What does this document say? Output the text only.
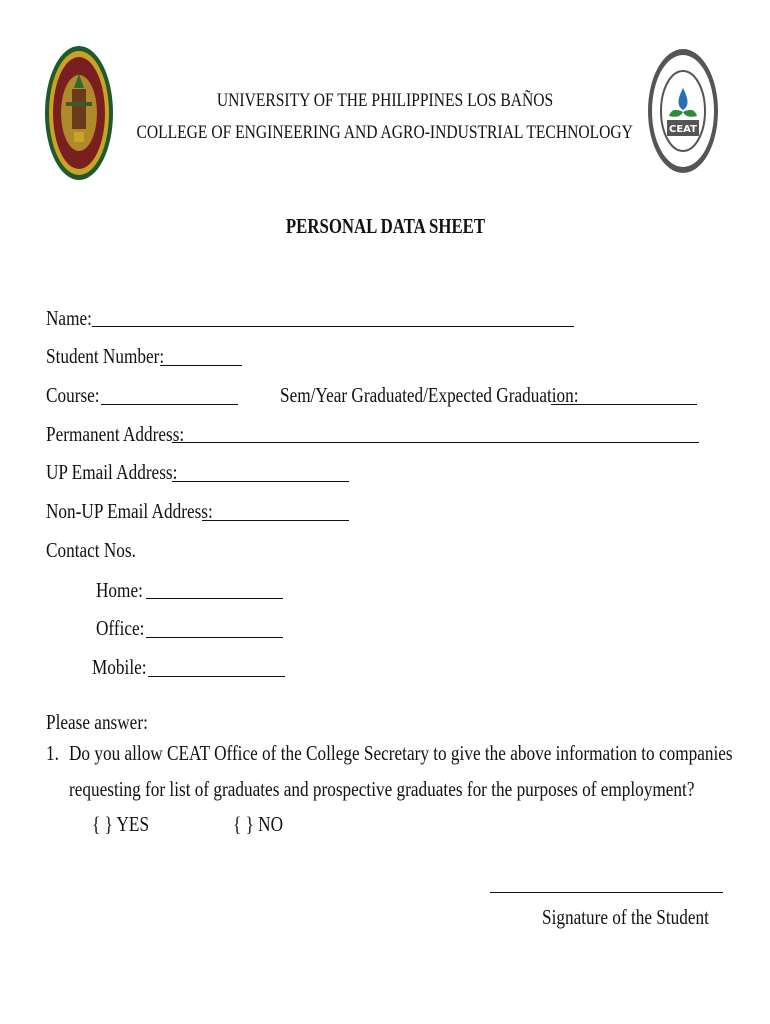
CEAT
UNIVERSITY OF THE PHILIPPINES LOS BAÑOS
COLLEGE OF ENGINEERING AND AGRO-INDUSTRIAL TECHNOLOGY
PERSONAL DATA SHEET
Name:
Student Number:
Course:	Sem/Year Graduated/Expected Graduation:
Permanent Address:
UP Email Address:
Non-UP Email Address:
Contact Nos.
Home:
Office:
Mobile:
Please answer:
1. Do you allow CEAT Office of the College Secretary to give the above information to companies
requesting for list of graduates and prospective graduates for the purposes of employment?
{ } YES	{ } NO
Signature of the Student
